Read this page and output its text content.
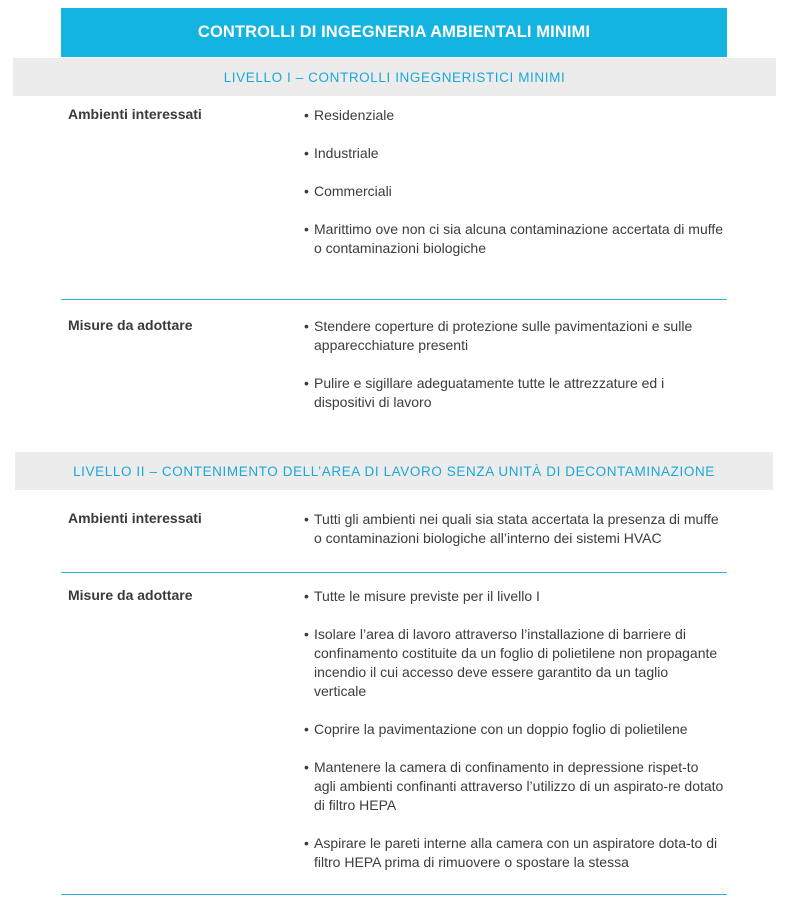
CONTROLLI DI INGEGNERIA AMBIENTALI MINIMI
LIVELLO I – CONTROLLI INGEGNERISTICI MINIMI
Ambienti interessati	• Residenziale
• Industriale
• Commerciali
• Marittimo ove non ci sia alcuna contaminazione accertata di muffe o contaminazioni biologiche
Misure da adottare	• Stendere coperture di protezione sulle pavimentazioni e sulle apparecchiature presenti
• Pulire e sigillare adeguatamente tutte le attrezzature ed i dispositivi di lavoro
LIVELLO II – CONTENIMENTO DELL’AREA DI LAVORO SENZA UNITÀ DI DECONTAMINAZIONE
Ambienti interessati	• Tutti gli ambienti nei quali sia stata accertata la presenza di muffe o contaminazioni biologiche all’interno dei sistemi HVAC
Misure da adottare	• Tutte le misure previste per il livello I
• Isolare l’area di lavoro attraverso l’installazione di barriere di confinamento costituite da un foglio di polietilene non propagante incendio il cui accesso deve essere garantito da un taglio verticale
• Coprire la pavimentazione con un doppio foglio di polietilene
• Mantenere la camera di confinamento in depressione rispet-to agli ambienti confinanti attraverso l’utilizzo di un aspirato-re dotato di filtro HEPA
• Aspirare le pareti interne alla camera con un aspiratore dota-to di filtro HEPA prima di rimuovere o spostare la stessa
